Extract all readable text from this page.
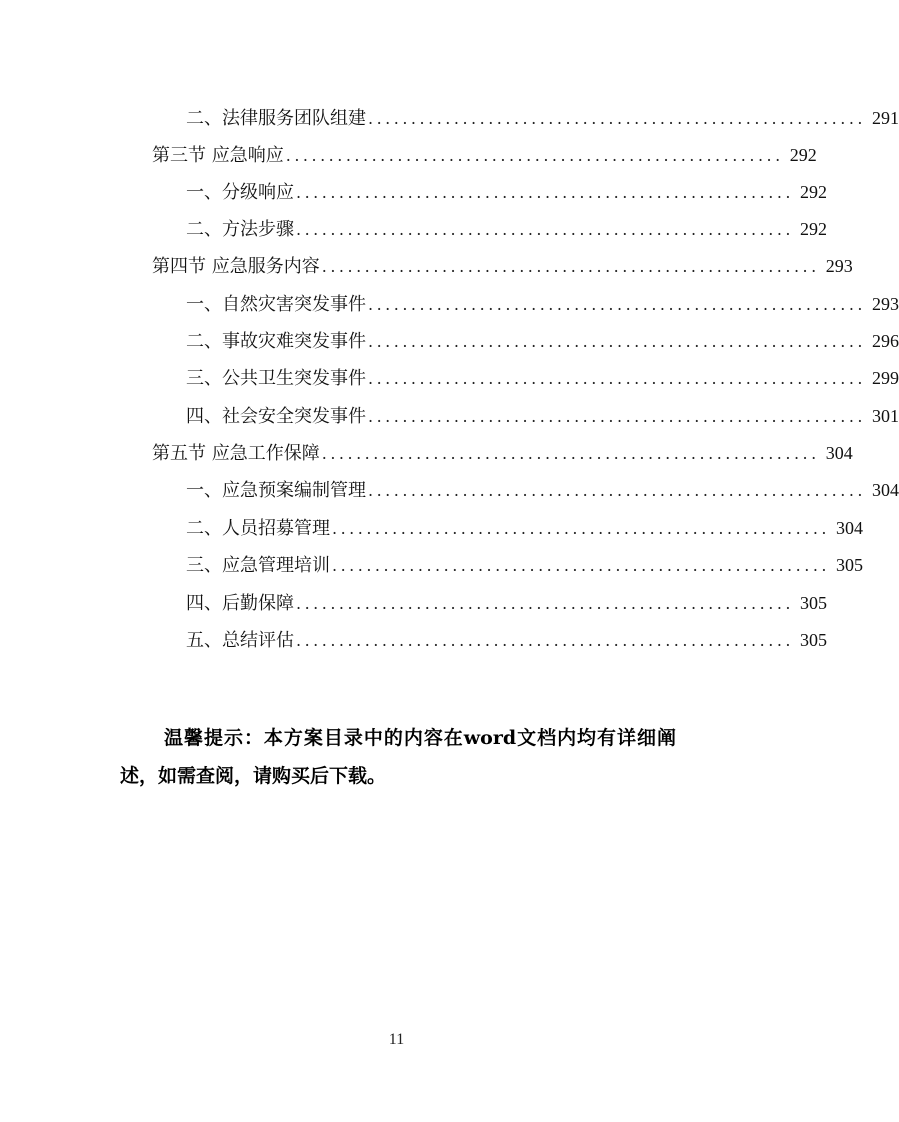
二、法律服务团队组建 .......................................................... 291
第三节 应急响应 .......................................................... 292
一、分级响应 .......................................................... 292
二、方法步骤 .......................................................... 292
第四节 应急服务内容 .......................................................... 293
一、自然灾害突发事件 .......................................................... 293
二、事故灾难突发事件 .......................................................... 296
三、公共卫生突发事件 .......................................................... 299
四、社会安全突发事件 .......................................................... 301
第五节 应急工作保障 .......................................................... 304
一、应急预案编制管理 .......................................................... 304
二、人员招募管理 .......................................................... 304
三、应急管理培训 .......................................................... 305
四、后勤保障 .......................................................... 305
五、总结评估 .......................................................... 305

温馨提示：本方案目录中的内容在word文档内均有详细阐述，如需查阅，请购买后下载。

11
